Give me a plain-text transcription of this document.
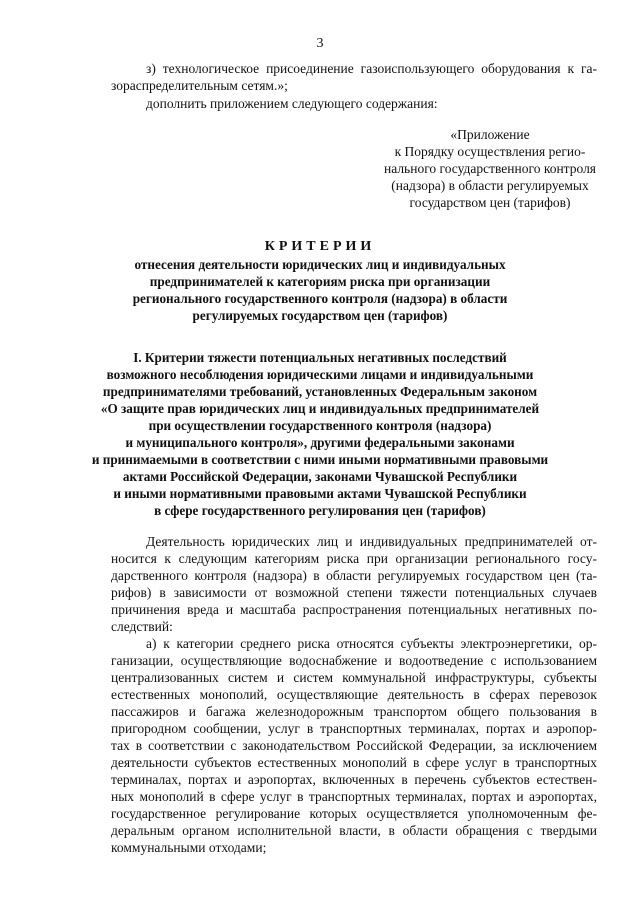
3
з) технологическое присоединение газоиспользующего оборудования к га-
зораспределительным сетям.»;
дополнить приложением следующего содержания:
«Приложение
к Порядку осуществления регио-
нального государственного контроля
(надзора) в области регулируемых
государством цен (тарифов)
КРИТЕРИИ
отнесения деятельности юридических лиц и индивидуальных
предпринимателей к категориям риска при организации
регионального государственного контроля (надзора) в области
регулируемых государством цен (тарифов)
I. Критерии тяжести потенциальных негативных последствий
возможного несоблюдения юридическими лицами и индивидуальными
предпринимателями требований, установленных Федеральным законом
«О защите прав юридических лиц и индивидуальных предпринимателей
при осуществлении государственного контроля (надзора)
и муниципального контроля», другими федеральными законами
и принимаемыми в соответствии с ними иными нормативными правовыми
актами Российской Федерации, законами Чувашской Республики
и иными нормативными правовыми актами Чувашской Республики
в сфере государственного регулирования цен (тарифов)
Деятельность юридических лиц и индивидуальных предпринимателей от-
носится к следующим категориям риска при организации регионального госу-
дарственного контроля (надзора) в области регулируемых государством цен (та-
рифов) в зависимости от возможной степени тяжести потенциальных случаев
причинения вреда и масштаба распространения потенциальных негативных по-
следствий:
а) к категории среднего риска относятся субъекты электроэнергетики, ор-
ганизации, осуществляющие водоснабжение и водоотведение с использованием
централизованных систем и систем коммунальной инфраструктуры, субъекты
естественных монополий, осуществляющие деятельность в сферах перевозок
пассажиров и багажа железнодорожным транспортом общего пользования в
пригородном сообщении, услуг в транспортных терминалах, портах и аэропор-
тах в соответствии с законодательством Российской Федерации, за исключением
деятельности субъектов естественных монополий в сфере услуг в транспортных
терминалах, портах и аэропортах, включенных в перечень субъектов естествен-
ных монополий в сфере услуг в транспортных терминалах, портах и аэропортах,
государственное регулирование которых осуществляется уполномоченным фе-
деральным органом исполнительной власти, в области обращения с твердыми
коммунальными отходами;
